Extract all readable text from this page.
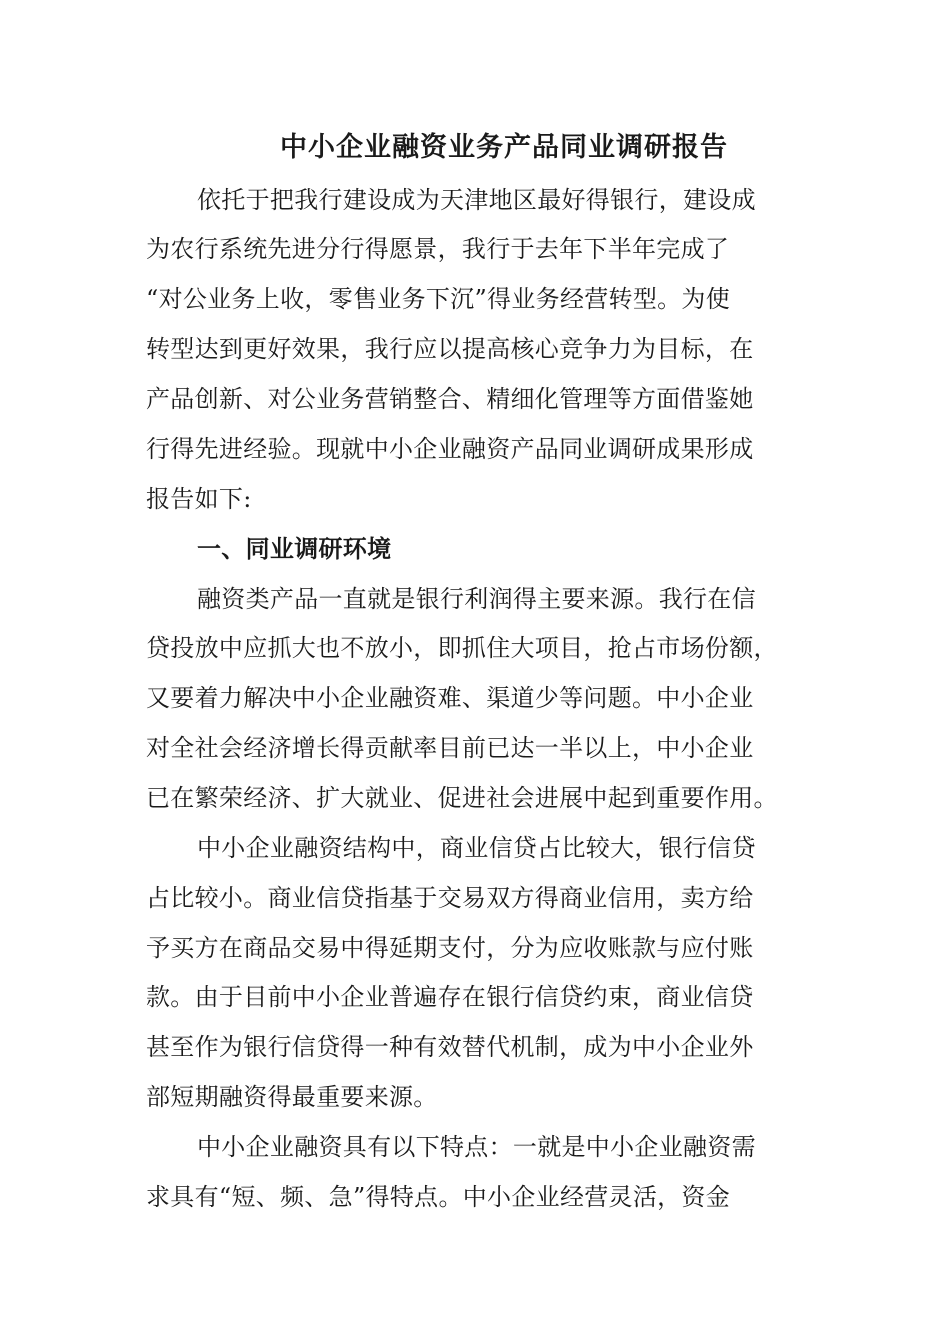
中小企业融资业务产品同业调研报告
依托于把我行建设成为天津地区最好得银行，建设成
为农行系统先进分行得愿景，我行于去年下半年完成了
“对公业务上收，零售业务下沉”得业务经营转型。为使
转型达到更好效果，我行应以提高核心竞争力为目标，在
产品创新、对公业务营销整合、精细化管理等方面借鉴她
行得先进经验。现就中小企业融资产品同业调研成果形成
报告如下:
一、同业调研环境
融资类产品一直就是银行利润得主要来源。我行在信
贷投放中应抓大也不放小，即抓住大项目，抢占市场份额，
又要着力解决中小企业融资难、渠道少等问题。中小企业
对全社会经济增长得贡献率目前已达一半以上，中小企业
已在繁荣经济、扩大就业、促进社会进展中起到重要作用。
中小企业融资结构中，商业信贷占比较大，银行信贷
占比较小。商业信贷指基于交易双方得商业信用，卖方给
予买方在商品交易中得延期支付，分为应收账款与应付账
款。由于目前中小企业普遍存在银行信贷约束，商业信贷
甚至作为银行信贷得一种有效替代机制，成为中小企业外
部短期融资得最重要来源。
中小企业融资具有以下特点：一就是中小企业融资需
求具有“短、频、急”得特点。中小企业经营灵活，资金
